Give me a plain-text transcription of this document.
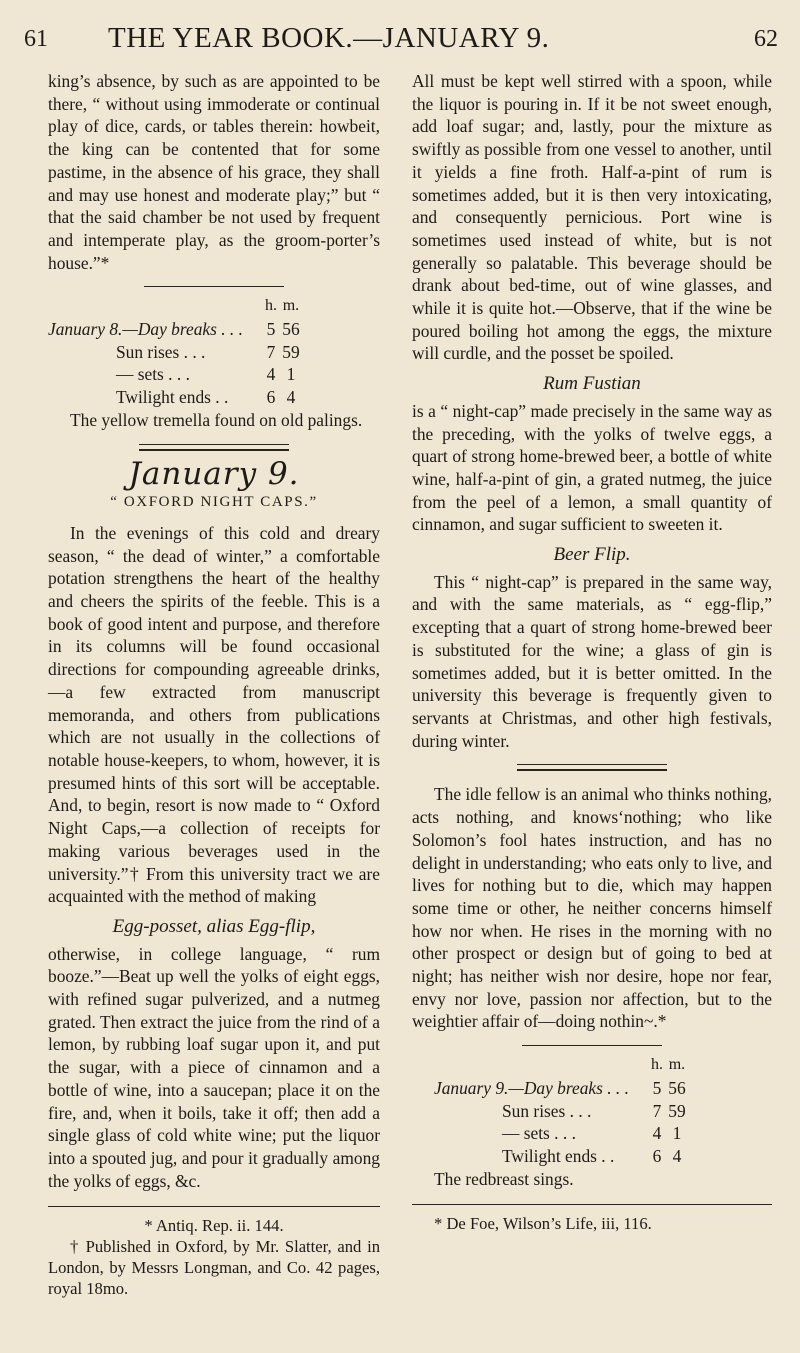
61 THE YEAR BOOK.—JANUARY 9.	62

king’s absence, by such as are appointed to be there, “ without using immoderate or continual play of dice, cards, or tables therein: howbeit, the king can be contented that for some pastime, in the absence of his grace, they shall and may use honest and moderate play;” but “ that the said chamber be not used by frequent and intemperate play, as the groom-porter’s house.”*

	h.	m.
January 8.—Day breaks . . .	5	56
Sun rises . . .	7	59
— sets . . .	4	1
Twilight ends . .	6	4

The yellow tremella found on old palings.

January 9.
“ OXFORD NIGHT CAPS.”

In the evenings of this cold and dreary season, “ the dead of winter,” a comfortable potation strengthens the heart of the healthy and cheers the spirits of the feeble. This is a book of good intent and purpose, and therefore in its columns will be found occasional directions for compounding agreeable drinks,—a few extracted from manuscript memoranda, and others from publications which are not usually in the collections of notable house-keepers, to whom, however, it is presumed hints of this sort will be acceptable. And, to begin, resort is now made to “ Oxford Night Caps,—a collection of receipts for making various beverages used in the university.”† From this university tract we are acquainted with the method of making

Egg-posset, alias Egg-flip,

otherwise, in college language, “ rum booze.”—Beat up well the yolks of eight eggs, with refined sugar pulverized, and a nutmeg grated. Then extract the juice from the rind of a lemon, by rubbing loaf sugar upon it, and put the sugar, with a piece of cinnamon and a bottle of wine, into a saucepan; place it on the fire, and, when it boils, take it off; then add a single glass of cold white wine; put the liquor into a spouted jug, and pour it gradually among the yolks of eggs, &c.

* Antiq. Rep. ii. 144.

† Published in Oxford, by Mr. Slatter, and in London, by Messrs Longman, and Co. 42 pages, royal 18mo.

All must be kept well stirred with a spoon, while the liquor is pouring in. If it be not sweet enough, add loaf sugar; and, lastly, pour the mixture as swiftly as possible from one vessel to another, until it yields a fine froth. Half-a-pint of rum is sometimes added, but it is then very intoxicating, and consequently pernicious. Port wine is sometimes used instead of white, but is not generally so palatable. This beverage should be drank about bed-time, out of wine glasses, and while it is quite hot.—Observe, that if the wine be poured boiling hot among the eggs, the mixture will curdle, and the posset be spoiled.

Rum Fustian

is a “ night-cap” made precisely in the same way as the preceding, with the yolks of twelve eggs, a quart of strong home-brewed beer, a bottle of white wine, half-a-pint of gin, a grated nutmeg, the juice from the peel of a lemon, a small quantity of cinnamon, and sugar sufficient to sweeten it.

Beer Flip.

This “ night-cap” is prepared in the same way, and with the same materials, as “ egg-flip,” excepting that a quart of strong home-brewed beer is substituted for the wine; a glass of gin is sometimes added, but it is better omitted. In the university this beverage is frequently given to servants at Christmas, and other high festivals, during winter.

The idle fellow is an animal who thinks nothing, acts nothing, and knows‘nothing; who like Solomon’s fool hates instruction, and has no delight in understanding; who eats only to live, and lives for nothing but to die, which may happen some time or other, he neither concerns himself how nor when. He rises in the morning with no other prospect or design but of going to bed at night; has neither wish nor desire, hope nor fear, envy nor love, passion nor affection, but to the weightier affair of—doing nothin~.*

	h.	m.
January 9.—Day breaks . . .	5	56
Sun rises . . .	7	59
— sets . . .	4	1
Twilight ends . .	6	4

The redbreast sings.

* De Foe, Wilson’s Life, iii, 116.
